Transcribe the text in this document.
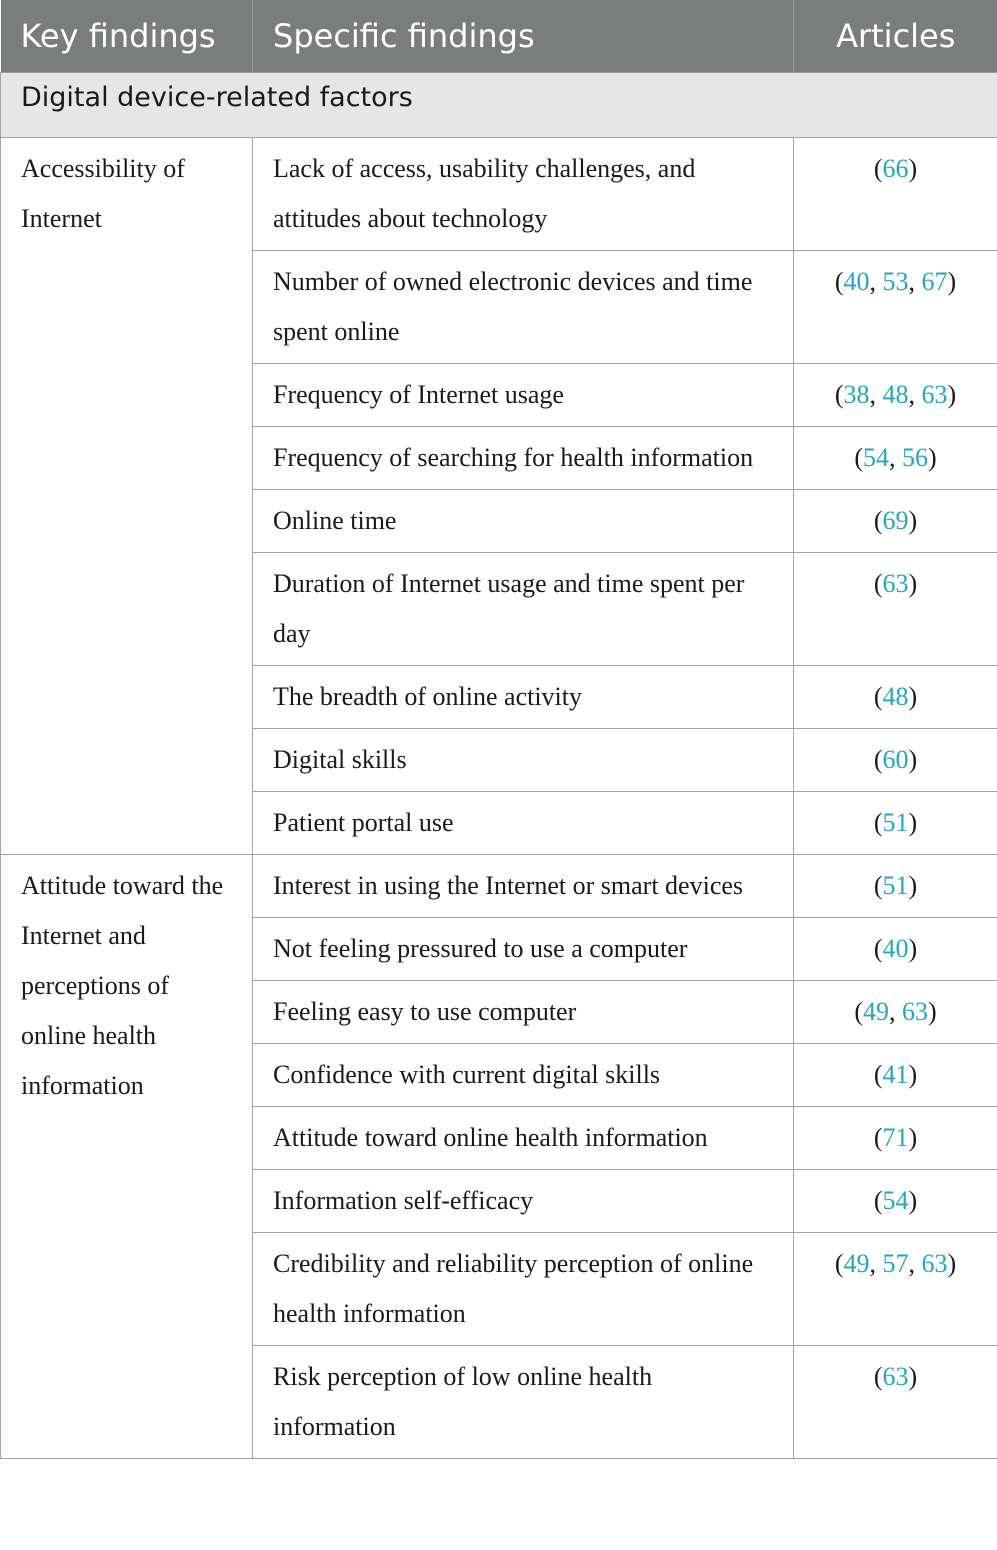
Key findings	Specific findings	Articles
Digital device-related factors		
Accessibility of Internet	Lack of access, usability challenges, and attitudes about technology	(66)
	Number of owned electronic devices and time spent online	(40, 53, 67)
	Frequency of Internet usage	(38, 48, 63)
	Frequency of searching for health information	(54, 56)
	Online time	(69)
	Duration of Internet usage and time spent per day	(63)
	The breadth of online activity	(48)
	Digital skills	(60)
	Patient portal use	(51)
Attitude toward the Internet and perceptions of online health information	Interest in using the Internet or smart devices	(51)
	Not feeling pressured to use a computer	(40)
	Feeling easy to use computer	(49, 63)
	Confidence with current digital skills	(41)
	Attitude toward online health information	(71)
	Information self-efficacy	(54)
	Credibility and reliability perception of online health information	(49, 57, 63)
	Risk perception of low online health information	(63)
